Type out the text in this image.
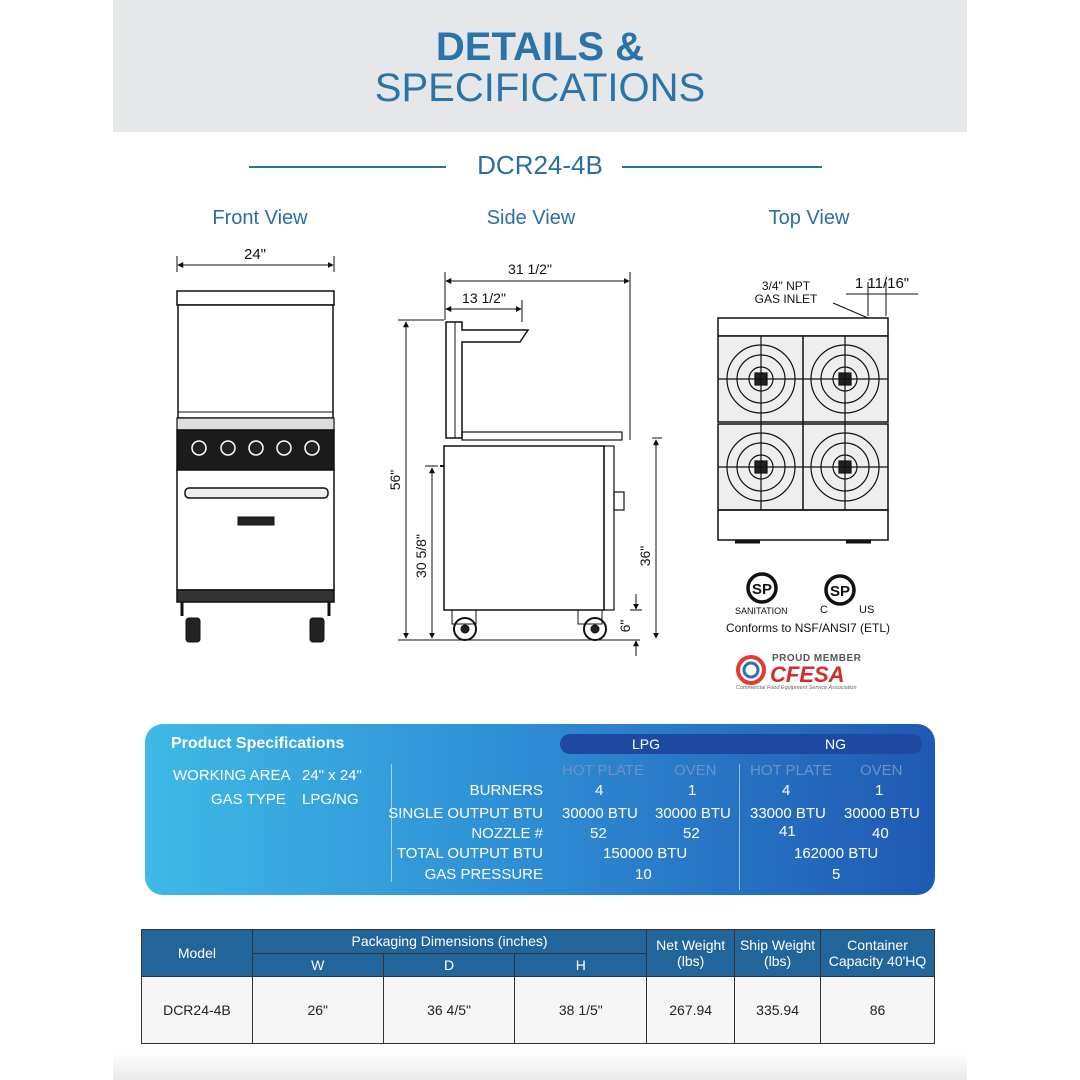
DETAILS &
SPECIFICATIONS
DCR24-4B
Front View	Side View	Top View
24"
31 1/2"
13 1/2"
56"
30 5/8"	36"
6"
3/4" NPT
GAS INLET
1 11/16"
SP	SP
SANITATION	C	US
Conforms to NSF/ANSI7 (ETL)
PROUD MEMBER
CFESA
Commercial Food Equipment Service Association
Product Specifications
WORKING AREA 24" x 24"
GAS TYPE LPG/NG
LPG	NG
HOT PLATE OVEN HOT PLATE OVEN
BURNERS	4	1	4	1
SINGLE OUTPUT BTU 30000 BTU 30000 BTU 33000 BTU 30000 BTU
NOZZLE #	52	52	41	40
TOTAL OUTPUT BTU	150000 BTU	162000 BTU
GAS PRESSURE	10	5
Model	Packaging Dimensions (inches)			Net Weight (lbs)	Ship Weight (lbs)	Container Capacity 40'HQ
	W	D	H			
DCR24-4B	26"	36 4/5"	38 1/5"	267.94	335.94	86
